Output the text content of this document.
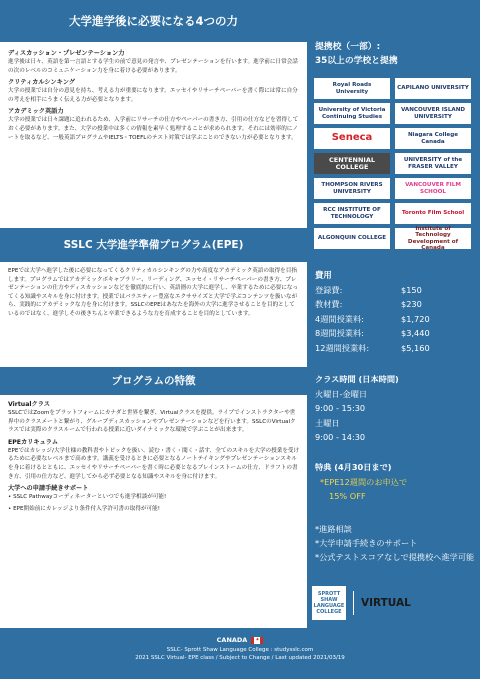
大学進学後に必要になる4つの力
ディスカッション・プレゼンテーション力

進学後は日々、英語を第一言語とする学生の前で意見の発言や、プレゼンテーションを行います。進学前に日常会話の次のレベルのコミュニケーション力を身に着ける必要があります。

クリティカルシンキング

大学の授業では自分の意見を持ち、考える力が重要になります。エッセイやリサーチペーパーを書く際には常に自分の考えを相手にうまく伝える力が必要となります。

アカデミック英語力

大学の授業では日々課題に追われるため、入学前にリサーチの仕方やペーパーの書き方、引用の仕方などを習得しておく必要があります。また、大学の授業中は多くの情報を素早く処理することが求められます。それには効率的にノートを取るなど、一般英語プログラムやIELTS・TOEFLのテスト対策では学ぶことのできない力が必要となります。

SSLC 大学進学準備プログラム(EPE)

EPEでは大学へ進学した後に必要になってくるクリティカルシンキングの力や高度なアカデミック英語の取得を目指します。プログラムではアカデミックボキャブラリー、リーディング、エッセイ・リサーチペーパーの書き方、プレゼンテーションの仕方やディスカッションなどを徹底的に行い、英語圏の大学に進学し、卒業するために必要になってくる知識やスキルを身に付けます。授業ではバラエティー豊富なエクササイズと大学で学ぶコンテンツを扱いながら、実践的にアカデミックな力を身に付けます。SSLCのEPEはあなたを海外の大学に進学させることを目的としているのではなく、進学しその後きちんと卒業できるような力を育成することを目的としています。

プログラムの特徴
Virtualクラス

SSLCではZoomをプラットフォームにカナダと世界を繋ぎ、Virtualクラスを提供。ライブでインストラクターや世界中のクラスメートと繋がり、グループディスカッションやプレゼンテーションなどを行います。SSLCのVirtualクラスでは実際のクラスルームで行われる授業に近いダイナミックな環境で学ぶことが出来ます。

EPEカリキュラム

EPEではカレッジ/大学仕様の教科書やトピックを扱い、読む・書く・聞く・話す、全てのスキルを大学の授業を受けるために必要なレベルまで高めます。講義を受けるときに必要となるノートテイキングやプレゼンテーションスキルを身に着けるとともに、エッセイやリサーチペーパーを書く時に必要となるブレインストームの仕方、ドラフトの書き方、引用の仕方など、進学してから必ず必要となる知識やスキルを身に付けます。

大学への申請手続きサポート

• SSLC Pathwayコーディネーターといつでも進学相談が可能!

• EPE開始前にカレッジより条件付入学許可書の取得が可能!

提携校（一部）:
35以上の学校と提携
費用
登録費:	$150
教材費:	$230
4週間授業料:	$1,720
8週間授業料:	$3,440
12週間授業料:	$5,160
クラス時間 (日本時間)
火曜日-金曜日
9:00 - 15:30
土曜日
9:00 - 14:30
特典 (4月30日まで)
*EPE12週間のお申込で
15% OFF
*進路相談
*大学申請手続きのサポート
*公式テストスコアなしで提携校へ進学可能
Royal Roads University
CAPILANO UNIVERSITY
University of Victoria Continuing Studies
VANCOUVER ISLAND UNIVERSITY
Seneca	Niagara College Canada
CENTENNIAL COLLEGE
UNIVERSITY of the FRASER VALLEY
THOMPSON RIVERS UNIVERSITY
VANCOUVER FILM SCHOOL
RCC INSTITUTE OF TECHNOLOGY
Toronto Film School
ALGONQUIN COLLEGE
Institute of Technology Development of Canada
SPROTT SHAW LANGUAGE COLLEGE
VIRTUAL
CANADA✦
SSLC- Sprott Shaw Language College : studysslc.com
2021 SSLC Virtual- EPE class / Subject to Change / Last updated 2021/03/19
